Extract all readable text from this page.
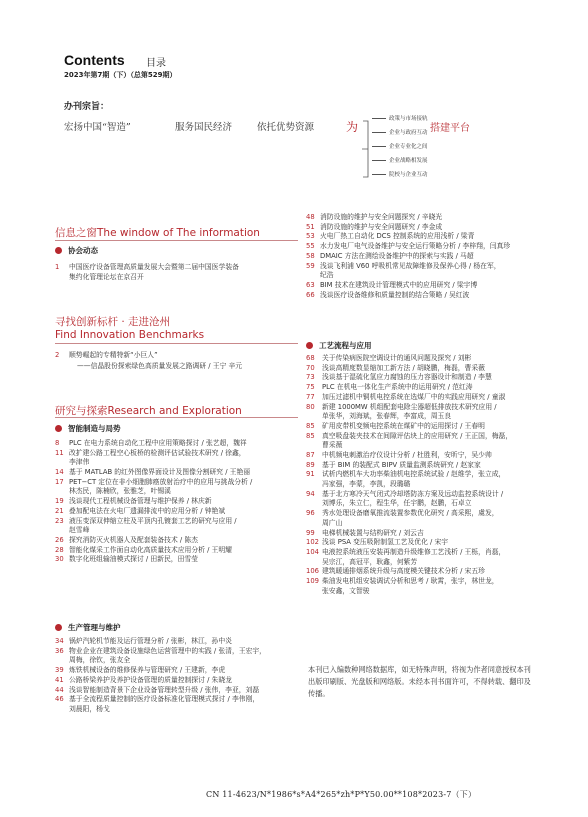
Contents 目录
2023年第7期（下）（总第529期）
办刊宗旨：
宏扬中国“智造”	服务国民经济	依托优势资源	为
政策与市场接轨
企业与政府互动
企业专业化之间
企业战略相发展
院校与企业互动
搭建平台
信息之窗The window of The information
协会动态
1	中国医疗设备管理高质量发展大会暨第二届中国医学装备
集约化管理论坛在京召开
寻找创新标杆 · 走进沧州
Find Innovation Benchmarks
2	顺势崛起的专精特新“小巨人”
——信晶股份探索绿色高质量发展之路调研 / 王宁 辛元
研究与探索Research and Exploration
智能制造与局势
8	PLC 在电力系统自动化工程中应用策略探讨 / 张艺超，魏祥
11 改扩建公路工程空心板桥的检测评估试验技术研究 / 徐鑫，
李津伟
14 基于 MATLAB 的红外图像界面设计及图像分割研究 / 王艳丽
17 PET−CT 定位在非小细胞肺癌放射治疗中的应用与挑战分析 /
林杰民，陈楠欣，张雅芝，叶锡溪
19 浅谈现代工程机械设备管理与维护保养 / 林庆新
21 叠加配电法在火电厂遗漏排流中的应用分析 / 钟艳斌
23 液压变深双伸缩立柱及平顶内孔镀套工艺的研究与应用 /
赵雪峰
26 探究消防灭火机器人及配套装备技术 / 陈杰
28 智能化煤采工作面自动化高质量技术应用分析 / 王明耀
30 数字化班组输油模式探讨 / 田新民，田雪莹
生产管理与维护
34 锅炉汽轮机节能及运行管理分析 / 张彬，林江，孙中炎
36 物业企业在建筑设备设施绿色运营管理中的实践 / 张清，王宏宇，
周梅，徐钦，张友全
39 炼铁机械设备的维修保养与管理研究 / 王建新，李虎
41 公路桥梁养护及养护设备管理的质量控制探讨 / 朱晓龙
44 浅谈智能制造背景下企业设备管理转型升级 / 张伟，李亚，刘磊
46 基于全流程质量控制的医疗设备标准化管理模式探讨 / 李伟刚，
刘晨阳，杨戈
48 消防设施的维护与安全问题探究 / 辛晓光
51 消防设施的维护与安全问题研究 / 李金成
53 火电厂热工自动化 DCS 控制系统的应用浅析 / 梁青
55 水力发电厂电气设备维护与安全运行策略分析 / 李梓翔，闫真珍
58 DMAIC 方法在测绘设备维护中的探索与实践 / 马超
59 浅谈飞利浦 V60 呼吸机常见故障维修及保养心得 / 杨在军，
纪浩
63 BIM 技术在建筑设计管理模式中的应用研究 / 梁宇博
66 浅谈医疗设备维修和质量控制的结合策略 / 吴红波
工艺流程与应用
68	关于传染病医院空调设计的通风问题及探究 / 刘彬
70	浅谈高精度数显缩加工新方法 / 胡晓鹏，梅磊，曹采薇
73	浅谈基于湿硫化氢应力腐蚀的压力容器设计和制造 / 李慧
75	PLC 在机电一体化生产系统中的运用研究 / 范红涛
77	加压过滤机中铜机电控系统在选煤厂中的实践应用研究 / 童淑
80	新建 1000MW 机组配套电除尘器超低排放技术研究应用 /
单张华，刘海斌，张春辉，李富成，周玉良
85	矿用皮带机变频电控系统在煤矿中的运用探讨 / 王春明
85	真空吸盘装夹技术在间隙评估块上的应用研究 / 王正国，梅磊，
曹采薇
87	中机频电刺激治疗仪设计分析 / 杜胜利，安昕宁，吴少帅
89	基于 BIM 的装配式 BIPV 质量监测系统研究 / 赵家家
91	试析内燃机车大功率柴油机电控系统试验 / 赵维学，张立成，
冯家强，李蒙，李凯，段璐璐
94	基于北方寒冷天气闭式冷却塔防冻方案及远动监控系统设计 /
刘博乐，朱立仁，程生华，任宇鹏，赵鹏，石卓立
96	秀水处理设备磨氧推流装置参数优化研究 / 高采熙，虞发，
周广山
99	电梯机械装置与结构研究 / 刘云吉
102 浅谈 PSA 变压吸附制氢工艺及优化 / 宋宇
104 电液控系统液压安装再制造升级维修工艺浅析 / 王栎，肖磊，
吴宗江，高冠平，耿鑫，何紫芳
106 建筑暖通排烟系统升级与高度模关键技术分析 / 宋五珍
109 柴油发电机组安装调试分析和思考 / 耿霄，张宇，林世龙，
张安鑫，文智骏
本刊已入编数种网络数据库，如无特殊声明，将视为作者同意授权本刊出版印刷版、光盘版和网络版。未经本刊书面许可，不得转载、翻印及传播。
CN 11-4623/N*1986*s*A4*265*zh*P*Y50.00**108*2023-7（下）
